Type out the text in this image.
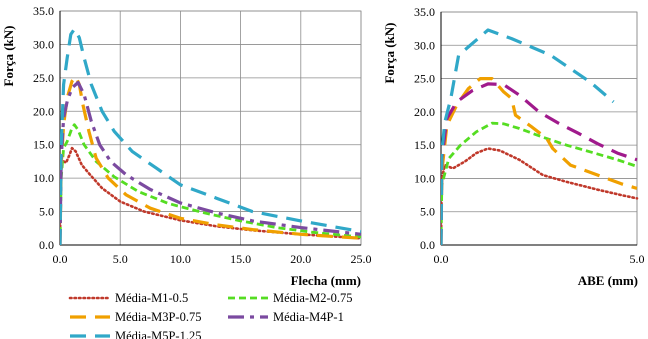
0.0	5.0	10.0	15.0	20.0	25.0
0.0
5.0
10.0
15.0
20.0
25.0
30.0
35.0
Flecha (mm)
Força (kN)
0.0	5.0
0.0
5.0
10.0
15.0
20.0
25.0
30.0
35.0
ABE (mm)
Força (kN)
Média-M1-0.5	Média-M2-0.75
Média-M3P-0.75	Média-M4P-1
Média-M5P-1.25
